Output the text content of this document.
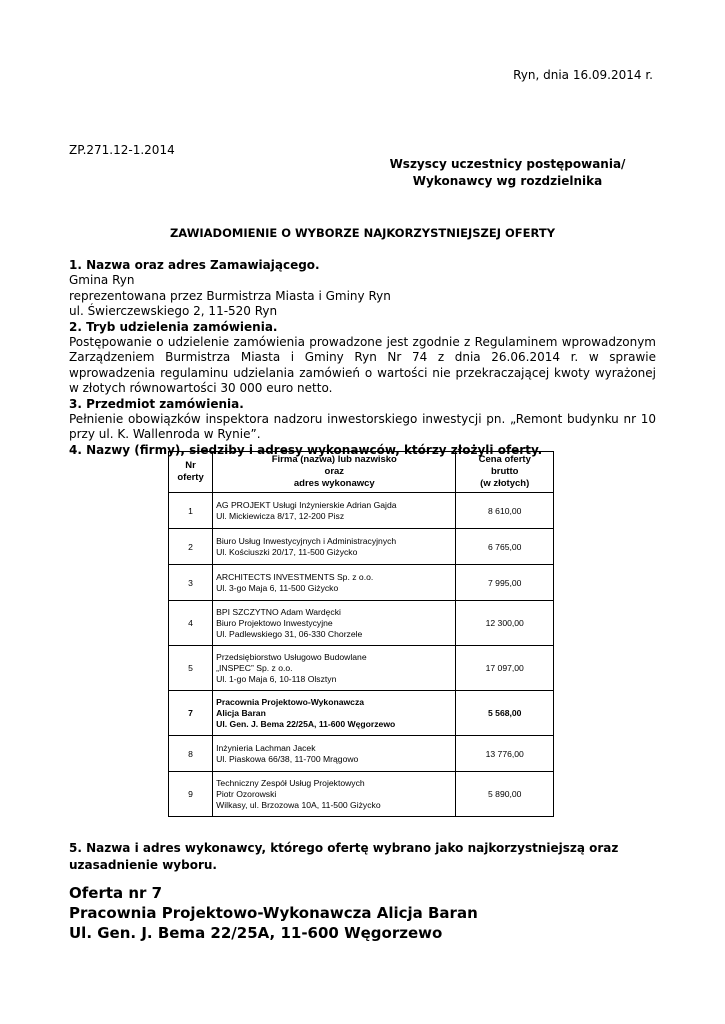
Ryn, dnia 16.09.2014 r.
ZP.271.12-1.2014
Wszyscy uczestnicy postępowania/
Wykonawcy wg rozdzielnika
ZAWIADOMIENIE O WYBORZE NAJKORZYSTNIEJSZEJ OFERTY

1. Nazwa oraz adres Zamawiającego.

Gmina Ryn

reprezentowana przez Burmistrza Miasta i Gminy Ryn

ul. Świerczewskiego 2, 11-520 Ryn

2. Tryb udzielenia zamówienia.

Postępowanie o udzielenie zamówienia prowadzone jest zgodnie z Regulaminem wprowadzonym Zarządzeniem Burmistrza Miasta i Gminy Ryn Nr 74 z dnia 26.06.2014 r. w sprawie wprowadzenia regulaminu udzielania zamówień o wartości nie przekraczającej kwoty wyrażonej w złotych równowartości 30 000 euro netto.

3. Przedmiot zamówienia.

Pełnienie obowiązków inspektora nadzoru inwestorskiego inwestycji pn. „Remont budynku nr 10 przy ul. K. Wallenroda w Rynie”.

4. Nazwy (firmy), siedziby i adresy wykonawców, którzy złożyli oferty.

Nr
oferty	Firma (nazwa) lub nazwisko
oraz
adres wykonawcy	Cena oferty
brutto
(w złotych)

1	AG PROJEKT Usługi Inżynierskie Adrian Gajda
Ul. Mickiewicza 8/17, 12-200 Pisz	8 610,00
2	Biuro Usług Inwestycyjnych i Administracyjnych
Ul. Kościuszki 20/17, 11-500 Giżycko	6 765,00
3	ARCHITECTS INVESTMENTS Sp. z o.o.
Ul. 3-go Maja 6, 11-500 Giżycko	7 995,00
4	BPI SZCZYTNO Adam Wardęcki
Biuro Projektowo Inwestycyjne
Ul. Padlewskiego 31, 06-330 Chorzele	12 300,00
5	Przedsiębiorstwo Usługowo Budowlane
„INSPEC” Sp. z o.o.
Ul. 1-go Maja 6, 10-118 Olsztyn	17 097,00
7	Pracownia Projektowo-Wykonawcza
Alicja Baran
Ul. Gen. J. Bema 22/25A, 11-600 Węgorzewo	5 568,00
8	Inżynieria Lachman Jacek
Ul. Piaskowa 66/38, 11-700 Mrągowo	13 776,00
9	Techniczny Zespół Usług Projektowych
Piotr Ozorowski
Wilkasy, ul. Brzozowa 10A, 11-500 Giżycko	5 890,00
5. Nazwa i adres wykonawcy, którego ofertę wybrano jako najkorzystniejszą oraz uzasadnienie wyboru.
Oferta nr 7
Pracownia Projektowo-Wykonawcza Alicja Baran
Ul. Gen. J. Bema 22/25A, 11-600 Węgorzewo
